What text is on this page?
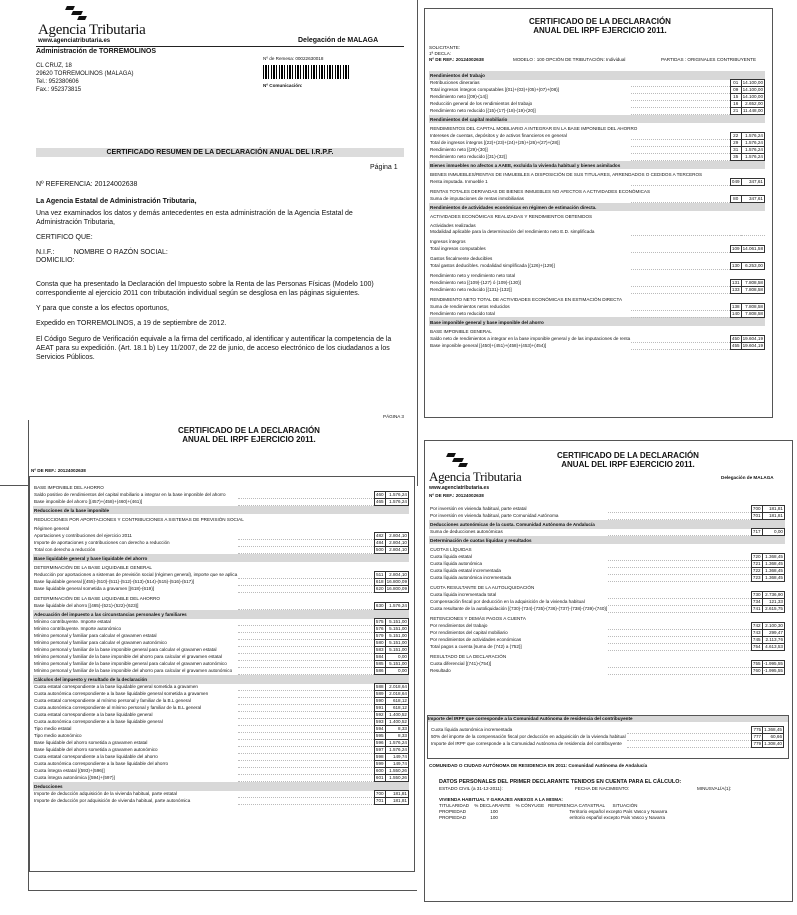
Agencia Tributaria
www.agenciatributaria.es	Delegación de MALAGA
Administración de TORREMOLINOS
CL CRUZ, 18
29620 TORREMOLINOS (MALAGA)
Tel.: 952380606
Fax.: 952373815
Nº de Remesa: 00022630018
Nº Comunicación:
CERTIFICADO RESUMEN DE LA DECLARACIÓN ANUAL DEL I.R.P.F.
Página 1
Nº REFERENCIA: 20124002638
La Agencia Estatal de Administración Tributaria,
Una vez examinados los datos y demás antecedentes en esta administración de la Agencia Estatal de Administración Tributaria,
CERTIFICO QUE:
N.I.F.:          NOMBRE O RAZÓN SOCIAL:
DOMICILIO:
Consta que ha presentado la Declaración del Impuesto sobre la Renta de las Personas Físicas (Modelo 100) correspondiente al ejercicio 2011 con tributación individual según se desglosa en las páginas siguientes.
Y para que conste a los efectos oportunos,
Expedido en TORREMOLINOS, a 19 de septiembre de 2012.
El Código Seguro de Verificación equivale a la firma del certificado, al identificar y autentificar la competencia de la AEAT para su expedición. (Art. 18.1 b) Ley 11/2007, de 22 de junio, de acceso electrónico de los ciudadanos a los Servicios Públicos.
CERTIFICADO DE LA DECLARACIÓN ANUAL DEL IRPF EJERCICIO 2011.
SOLICITANTE:
1ª DECLA:
Nº DE REF.: 20124002638	MODELO : 100 OPCIÓN DE TRIBUTACIÓN: Individual	PARTIDAS : ORIGINALES CONTRIBUYENTE
Rendimientos del trabajo			
Retribuciones dinerarias		01	14.100,00
Total ingresos íntegros computables [(01)+(03)+(05)+(07)+(08)]		09	14.100,00
Rendimiento neto [(09)-(14)]		15	14.100,00
Reducción general de los rendimientos del trabajo		16	2.652,00
Rendimiento neto reducido [(15)-(17)-(18)-(19)-(20)]		21	11.448,00
Rendimientos del capital mobiliario			
RENDIMIENTOS DEL CAPITAL MOBILIARIO A INTEGRAR EN LA BASE IMPONIBLE DEL AHORRO			
Intereses de cuentas, depósitos y de activos financieros en general		22	1.576,24
Total de ingresos íntegros [(22)+(23)+(24)+(25)+(26)+(27)+(28)]		29	1.576,24
Rendimiento neto [(29)-(30)]		31	1.576,24
Rendimiento neto reducido [(31)-(32)]		35	1.576,24
Bienes inmuebles no afectos a AAEE, excluida la vivienda habitual y bienes asimilados			
BIENES INMUEBLES/RENTAS DE INMUEBLES A DISPOSICIÓN DE SUS TITULARES, ARRENDADOS O CEDIDOS A TERCEROS			
Renta imputada. Inmueble 1		049	347,61
RENTAS TOTALES DERIVADAS DE BIENES INMUEBLES NO AFECTOS A ACTIVIDADES ECONÓMICAS			
Suma de imputaciones de rentas inmobiliarias		80	347,61
Rendimientos de actividades económicas en régimen de estimación directa.			
ACTIVIDADES ECONÓMICAS REALIZADAS Y RENDIMIENTOS OBTENIDOS			
Actividades realizadas			
Modalidad aplicable para la determinación del rendimiento neto E.D. simplificada			
Ingresos íntegros			
Total ingresos computables		109	14.061,58
Gastos fiscalmente deducibles			
Total gastos deducibles. modalidad simplificada [(126)+(129)]		130	6.253,00
Rendimiento neto y rendimiento neto total			
Rendimiento neto [(109)-(127) ó (109)-(130)]		131	7.808,58
Rendimiento neto reducido [(131)-(132)]		133	7.808,58
RENDIMIENTO NETO TOTAL DE ACTIVIDADES ECONÓMICAS EN ESTIMACIÓN DIRECTA			
Suma de rendimientos netos reducidos		138	7.808,58
Rendimiento neto reducido total		140	7.808,58
Base imponible general y base imponible del ahorro			
BASE IMPONIBLE GENERAL			
Saldo neto de rendimientos a integrar en la base imponible general y de las imputaciones de renta		450	19.604,19
Base imponible general [(450)+(451)+(458)+(453)+(454)]		455	19.604,19
PÁGINA 3
CERTIFICADO DE LA DECLARACIÓN ANUAL DEL IRPF EJERCICIO 2011.
Nº DE REF.: 20124002638
BASE IMPONIBLE DEL AHORRO			
Saldo positivo de rendimientos del capital mobiliario a integrar en la base imponible del ahorro		460	1.576,24
Base imponible del ahorro [(457)+(458)+(460)+(461)]		465	1.576,24
Reducciones de la base imponible			
REDUCCIONES POR APORTACIONES Y CONTRIBUCIONES A SISTEMAS DE PREVISIÓN SOCIAL			
Régimen general			
Aportaciones y contribuciones del ejercicio 2011		482	2.804,10
Importe de aportaciones y contribuciones con derecho a reducción		484	2.804,10
Total con derecho a reducción		500	2.804,10
Base liquidable general y base liquidable del ahorro			
DETERMINACIÓN DE LA BASE LIQUIDABLE GENERAL			
Reducción por aportaciones a sistemas de previsión social (régimen general), importe que se aplica		511	2.804,10
Base liquidable general [(455)-(510)-(511)-(512)-(513)-(514)-(515)-(516)-(517)]		618	16.800,09
Base liquidable general sometida a gravamen [(618)-(619)]		620	16.800,09
DETERMINACIÓN DE LA BASE LIQUIDABLE DEL AHORRO			
Base liquidable del ahorro [(465)-(521)-(522)-(623)]		630	1.576,24
Adecuación del impuesto a las circunstancias personales y familiares			
Mínimo contribuyente. Importe estatal		575	5.151,00
Mínimo contribuyente. Importe autonómico		576	5.151,00
Mínimo personal y familiar para calcular el gravamen estatal		579	5.151,00
Mínimo personal y familiar para calcular el gravamen autonómico		580	5.151,00
Mínimo personal y familiar de la base imponible general para calcular el gravamen estatal		583	5.151,00
Mínimo personal y familiar de la base imponible del ahorro para calcular el gravamen estatal		584	0,00
Mínimo personal y familiar de la base imponible general para calcular el gravamen autonómico		585	5.151,00
Mínimo personal y familiar de la base imponible del ahorro para calcular el gravamen autonómico		586	0,00
Cálculos del impuesto y resultado de la declaración			
Cuota estatal correspondiente a la base liquidable general sometida a gravamen		588	2.018,64
Cuota autonómica correspondiente a la base liquidable general sometida a gravamen		589	2.018,64
Cuota estatal correspondiente al mínimo personal y familiar de la B.L general		590	618,12
Cuota autonómica correspondiente al mínimo personal y familiar de la B.L general		591	618,12
Cuota estatal correspondiente a la base liquidable general		592	1.400,52
Cuota autonómica correspondiente a la base liquidable general		593	1.400,52
Tipo medio estatal		594	8,33
Tipo medio autonómico		595	8,33
Base liquidable del ahorro sometida a gravamen estatal		596	1.576,24
Base liquidable del ahorro sometida a gravamen autonómico		597	1.576,24
Cuota estatal correspondiente a la base liquidable del ahorro		598	149,74
Cuota autonómica correspondiente a la base liquidable del ahorro		599	149,74
Cuota íntegra estatal [(593)+(596)]		600	1.550,26
Cuota íntegra autonómica [(594)+(597)]		601	1.550,26
Deducciones			
Importe de deducción adquisición de la vivienda habitual, parte estatal		700	181,81
Importe de deducción por adquisición de vivienda habitual, parte autonómica		701	181,81
Agencia Tributaria
www.agenciatributaria.es
CERTIFICADO DE LA DECLARACIÓN ANUAL DEL IRPF EJERCICIO 2011.
Delegación de MALAGA
Nº DE REF.: 20124002638
Por inversión en vivienda habitual, parte estatal		700	181,81
Por inversión en vivienda habitual, parte Comunidad Autónoma		701	181,81
Deducciones autonómicas de la cuota. Comunidad Autónoma de Andalucía			
Suma de deducciones autonómicas		717	0,00
Determinación de cuotas líquidas y resultados			
CUOTAS LÍQUIDAS			
Cuota líquida estatal		720	1.368,45
Cuota líquida autonómica		721	1.368,45
Cuota líquida estatal incrementada		722	1.368,45
Cuota líquida autonómica incrementada		723	1.368,45
CUOTA RESULTANTE DE LA AUTOLIQUIDACIÓN			
Cuota líquida incrementada total		730	2.736,90
Compensación fiscal por deducción en la adquisición de la vivienda habitual		734	121,33
Cuota resultante de la autoliquidación [(730)-(734)-(735)-(736)-(737)-(738)-(739)-(740)]		741	2.615,75
RETENCIONES Y DEMÁS PAGOS A CUENTA			
Por rendimientos del trabajo		742	2.100,30
Por rendimientos del capital mobiliario		743	299,47
Por rendimientos de actividades económicas		745	2.113,76
Total pagos a cuenta [suma de (742) a (752)]		754	4.613,53
RESULTADO DE LA DECLARACIÓN			
Cuota diferencial [(741)-(754)]		755	-1.995,55
Resultado		760	-1.995,55
Importe del IRPF que corresponde a la Comunidad Autónoma de residencia del contribuyente
Cuota líquida autonómica incrementada		775	1.368,45
50% del importe de la compensación fiscal por deducción en adquisición de la vivienda habitual		777	60,66
Importe del IRPF que corresponde a la Comunidad Autónoma de residencia del contribuyente		779	1.308,40
COMUNIDAD O CIUDAD AUTÓNOMA DE RESIDENCIA EN 2011: Comunidad Autónoma de Andalucía
DATOS PERSONALES DEL PRIMER DECLARANTE TENIDOS EN CUENTA PARA EL CÁLCULO:
ESTADO CIVIL (a 31-12-2011):	FECHA DE NACIMIENTO:	MINUSVALÍA(1):
VIVIENDA HABITUAL Y GARAJES ANEXOS A LA MISMA:
TITULARIDAD    % DECLARANTE    % CÓNYUGE   REFERENCIA CATASTRAL      SITUACIÓN
PROPIEDAD                   100                                                        Territorio español excepto País Vasco y Navarra
PROPIEDAD                   100                                                        erritorio español excepto País Vasco y Navarra
